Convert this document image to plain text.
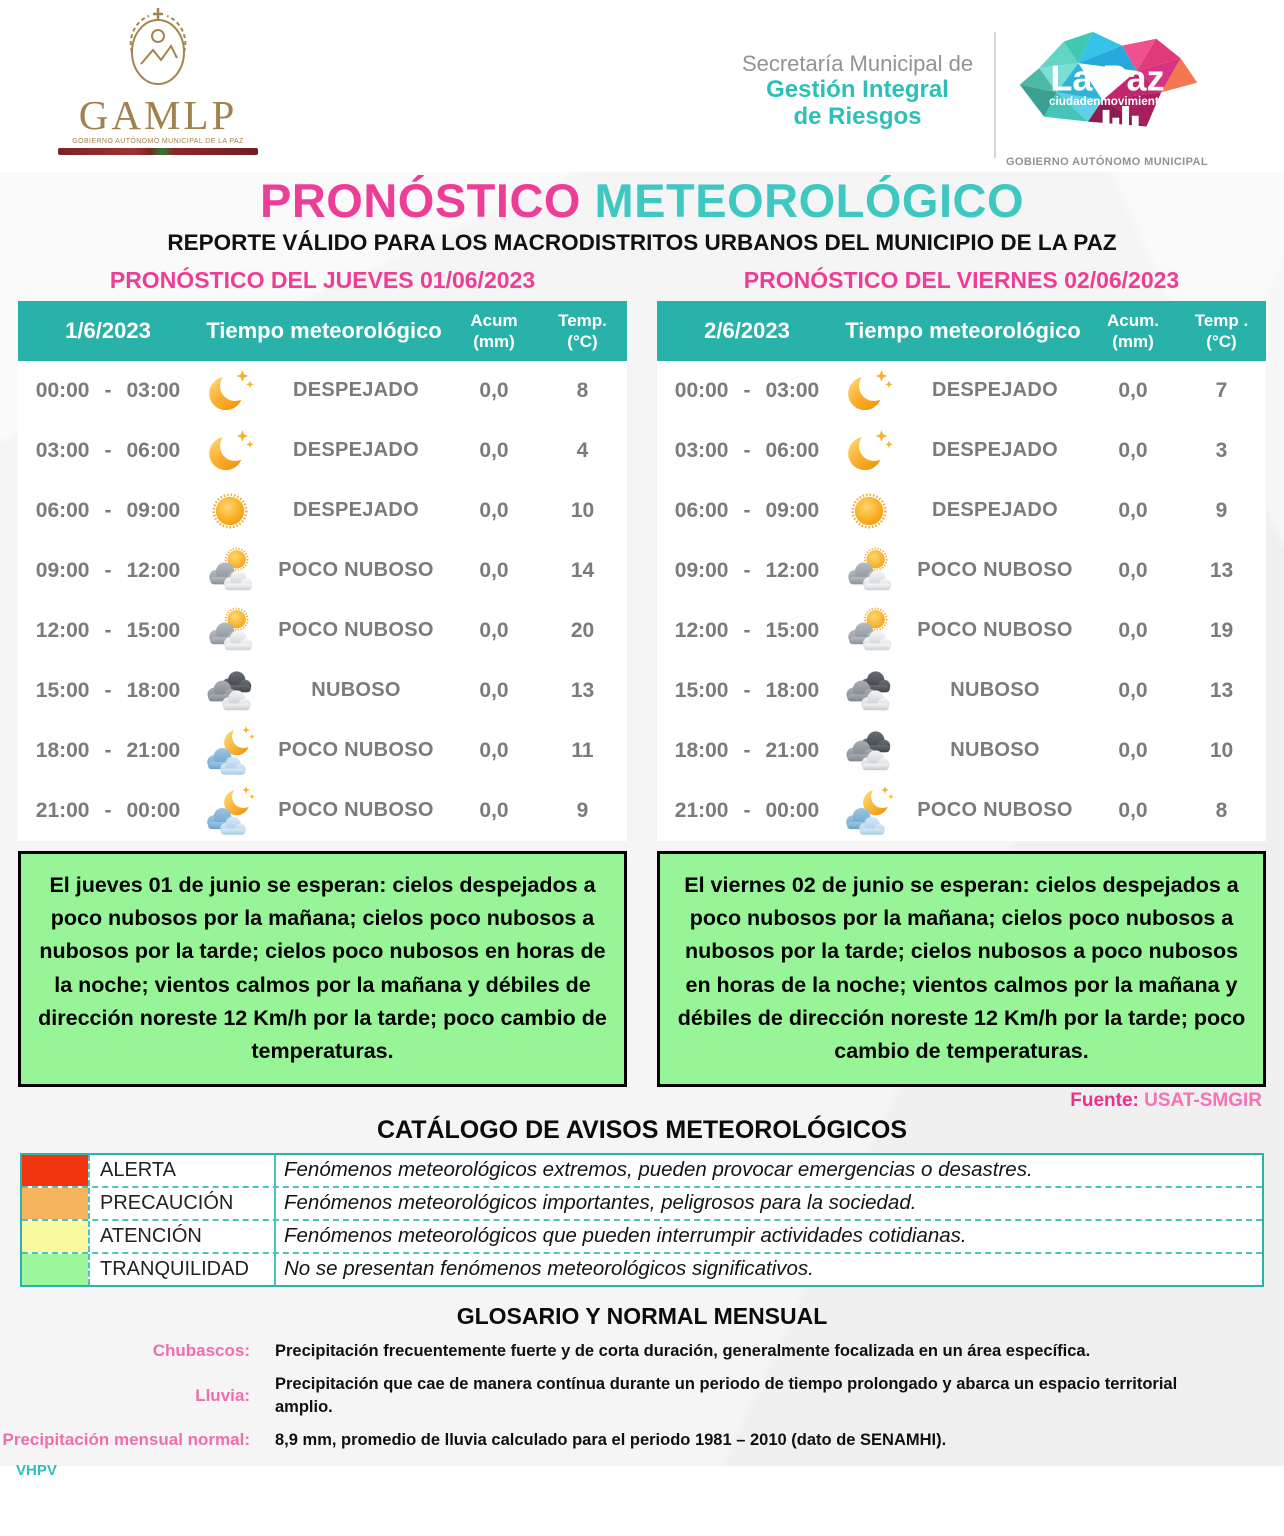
GAMLP
GOBIERNO AUTÓNOMO MUNICIPAL DE LA PAZ
Secretaría Municipal de
Gestión Integral
de Riesgos
La Paz
ciudadenmovimiento
GOBIERNO AUTÓNOMO MUNICIPAL
PRONÓSTICO METEOROLÓGICO
REPORTE VÁLIDO PARA LOS MACRODISTRITOS URBANOS DEL MUNICIPIO DE LA PAZ
PRONÓSTICO DEL JUEVES 01/06/2023
1/6/2023	Tiempo meteorológico	Acum
(mm)
Temp.
(°C)
00:00 - 03:00	DESPEJADO	0,0	8
03:00 - 06:00	DESPEJADO	0,0	4
06:00 - 09:00	DESPEJADO	0,0	10
09:00 - 12:00	POCO NUBOSO	0,0	14
12:00 - 15:00	POCO NUBOSO	0,0	20
15:00 - 18:00	NUBOSO	0,0	13
18:00 - 21:00	POCO NUBOSO	0,0	11
21:00 - 00:00	POCO NUBOSO	0,0	9
El jueves 01 de junio se esperan: cielos despejados a poco nubosos por la mañana; cielos poco nubosos a nubosos por la tarde; cielos poco nubosos en horas de la noche; vientos calmos por la mañana y débiles de dirección noreste 12 Km/h por la tarde; poco cambio de temperaturas.
PRONÓSTICO DEL VIERNES 02/06/2023
2/6/2023	Tiempo meteorológico	Acum.
(mm)
Temp .
(°C)
00:00 - 03:00	DESPEJADO	0,0	7
03:00 - 06:00	DESPEJADO	0,0	3
06:00 - 09:00	DESPEJADO	0,0	9
09:00 - 12:00	POCO NUBOSO	0,0	13
12:00 - 15:00	POCO NUBOSO	0,0	19
15:00 - 18:00	NUBOSO	0,0	13
18:00 - 21:00	NUBOSO	0,0	10
21:00 - 00:00	POCO NUBOSO	0,0	8
El viernes 02 de junio se esperan: cielos despejados a poco nubosos por la mañana; cielos poco nubosos a nubosos por la tarde; cielos nubosos a poco nubosos en horas de la noche; vientos calmos por la mañana y débiles de dirección noreste 12 Km/h por la tarde; poco cambio de temperaturas.
Fuente: USAT-SMGIR
CATÁLOGO DE AVISOS METEOROLÓGICOS
ALERTA	Fenómenos meteorológicos extremos, pueden provocar emergencias o desastres.
PRECAUCIÓN	Fenómenos meteorológicos importantes, peligrosos para la sociedad.
ATENCIÓN	Fenómenos meteorológicos que pueden interrumpir actividades cotidianas.
TRANQUILIDAD	No se presentan fenómenos meteorológicos significativos.
GLOSARIO Y NORMAL MENSUAL
Chubascos: Precipitación frecuentemente fuerte y de corta duración, generalmente focalizada en un área específica.
Lluvia:
Precipitación que cae de manera contínua durante un periodo de tiempo prolongado y abarca un espacio territorial amplio.
Precipitación mensual normal: 8,9 mm, promedio de lluvia calculado para el periodo 1981 – 2010 (dato de SENAMHI).
VHPV
